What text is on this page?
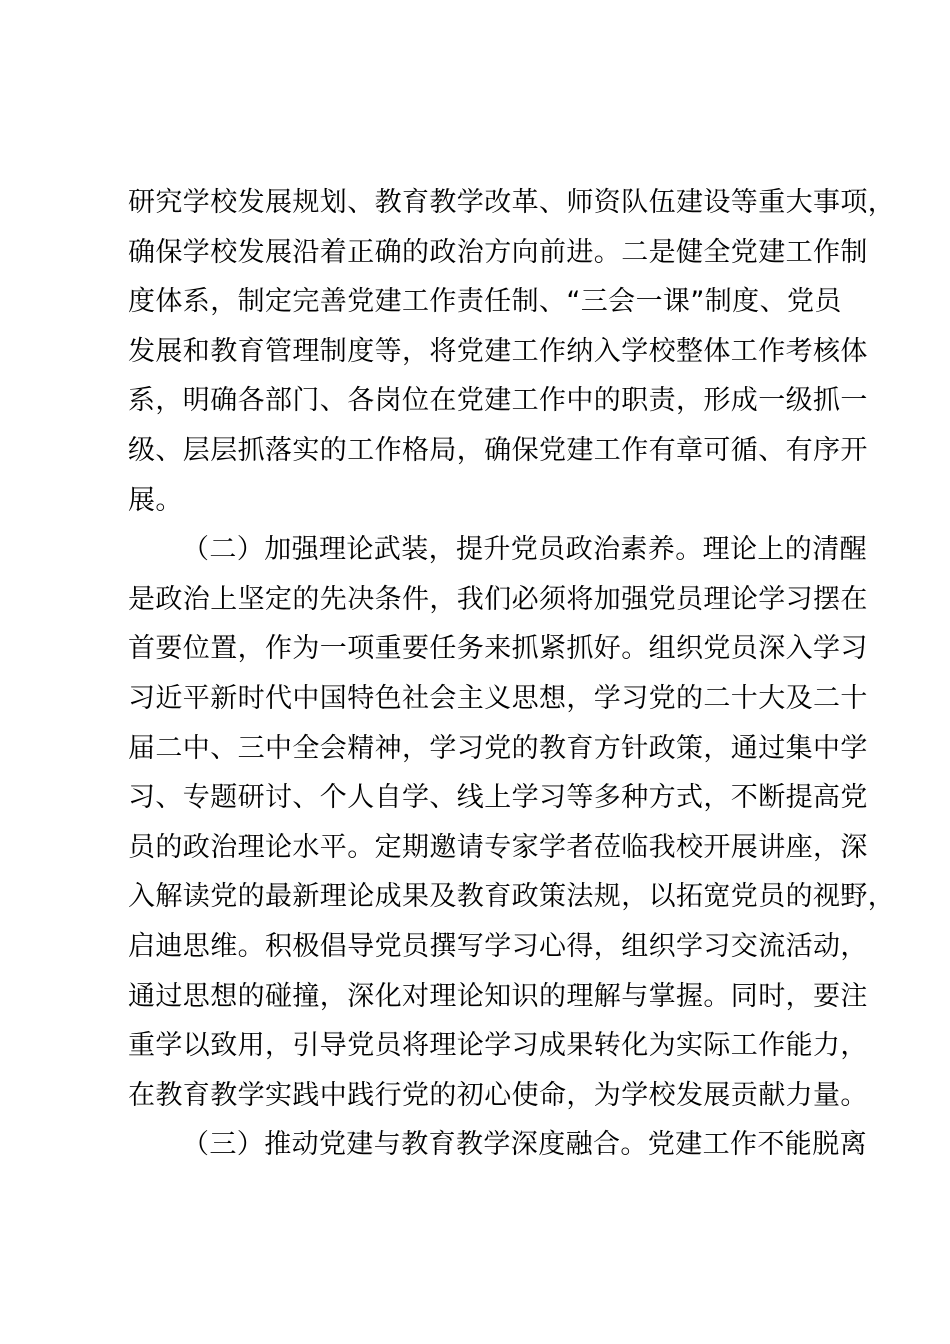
研究学校发展规划、教育教学改革、师资队伍建设等重大事项，
确保学校发展沿着正确的政治方向前进。二是健全党建工作制
度体系，制定完善党建工作责任制、“三会一课”制度、党员
发展和教育管理制度等，将党建工作纳入学校整体工作考核体
系，明确各部门、各岗位在党建工作中的职责，形成一级抓一
级、层层抓落实的工作格局，确保党建工作有章可循、有序开
展。
（二）加强理论武装，提升党员政治素养。理论上的清醒
是政治上坚定的先决条件，我们必须将加强党员理论学习摆在
首要位置，作为一项重要任务来抓紧抓好。组织党员深入学习
习近平新时代中国特色社会主义思想，学习党的二十大及二十
届二中、三中全会精神，学习党的教育方针政策，通过集中学
习、专题研讨、个人自学、线上学习等多种方式，不断提高党
员的政治理论水平。定期邀请专家学者莅临我校开展讲座，深
入解读党的最新理论成果及教育政策法规，以拓宽党员的视野，
启迪思维。积极倡导党员撰写学习心得，组织学习交流活动，
通过思想的碰撞，深化对理论知识的理解与掌握。同时，要注
重学以致用，引导党员将理论学习成果转化为实际工作能力，
在教育教学实践中践行党的初心使命，为学校发展贡献力量。
（三）推动党建与教育教学深度融合。党建工作不能脱离
